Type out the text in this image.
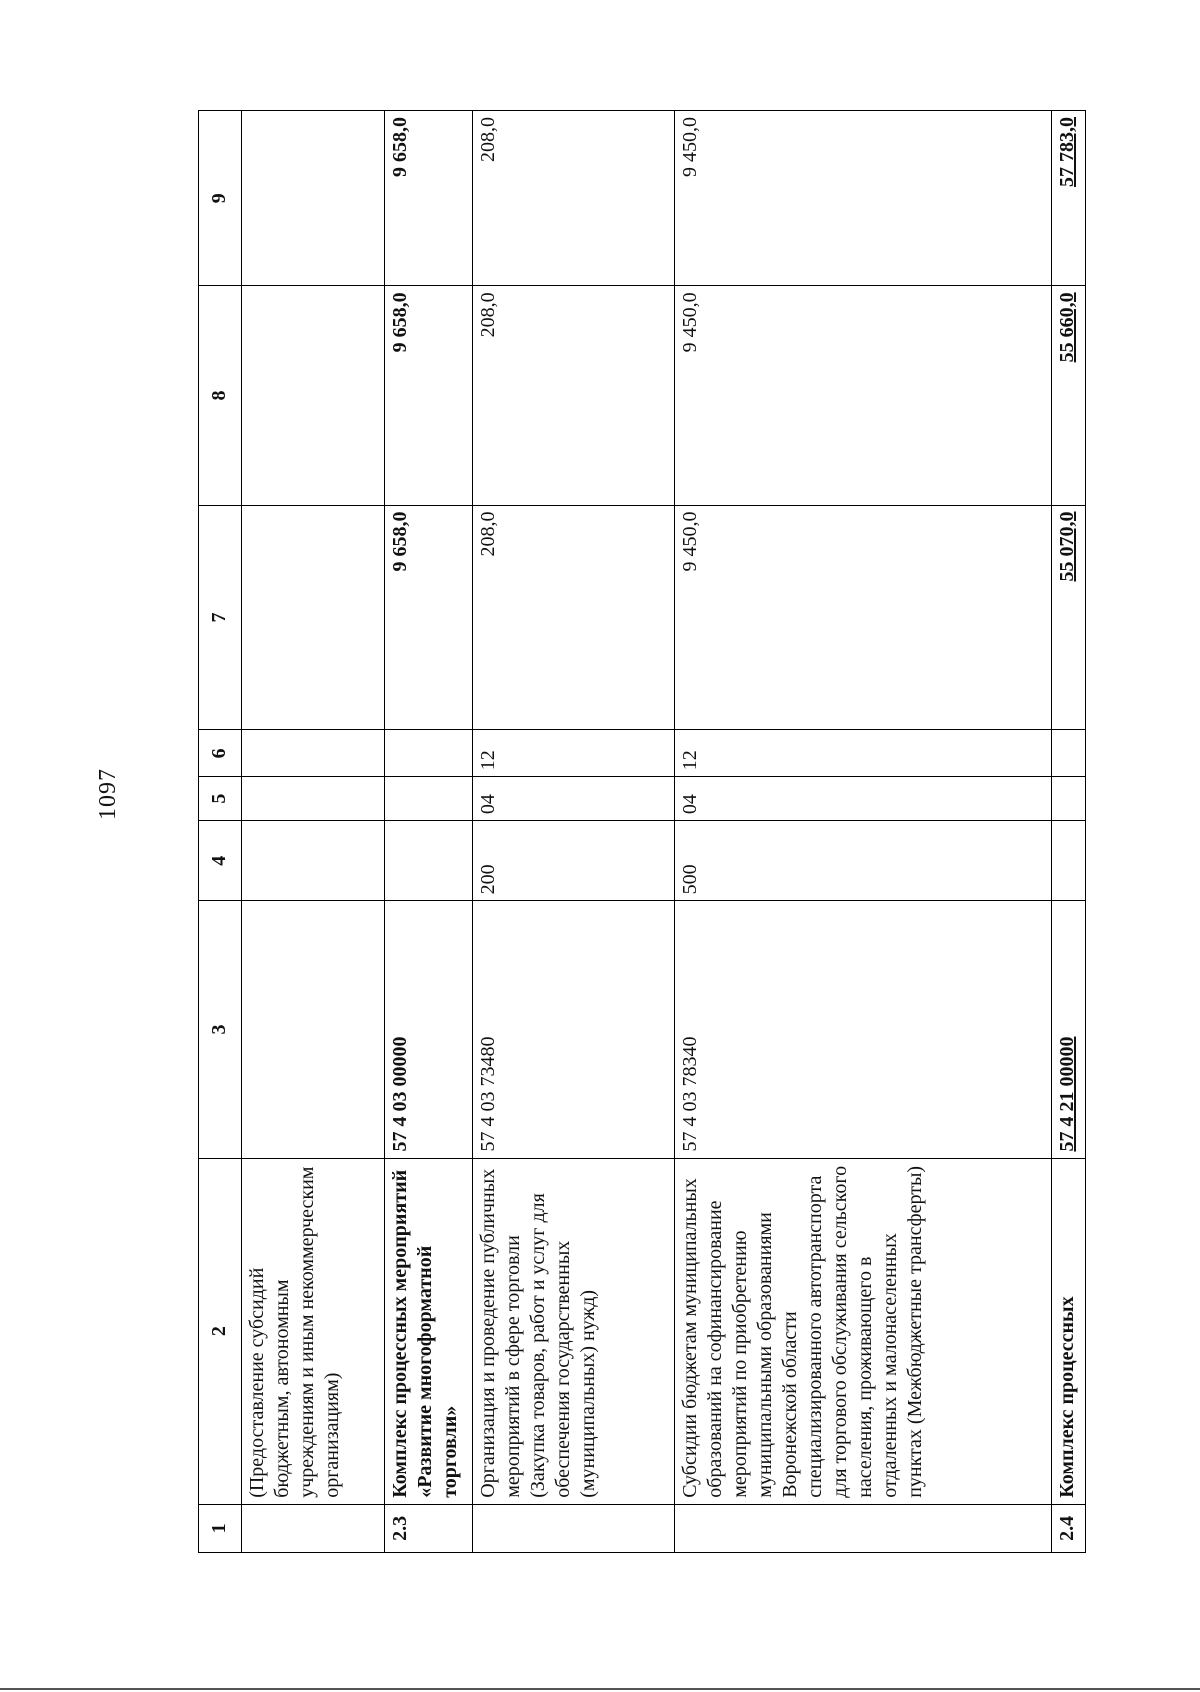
1097
1	2	3	4	5	6	7	8	9
	(Предоставление субсидий бюджетным, автономным учреждениям и иным некоммерческим организациям)							
2.3	Комплекс процессных мероприятий «Развитие многоформатной торговли»	57 4 03 00000				9 658,0	9 658,0	9 658,0
	Организация и проведение публичных мероприятий в сфере торговли (Закупка товаров, работ и услуг для обеспечения государственных (муниципальных) нужд)	57 4 03 73480	200	04	12	208,0	208,0	208,0
	Субсидии бюджетам муниципальных образований на софинансирование мероприятий по приобретению муниципальными образованиями Воронежской области специализированного автотранспорта для торгового обслуживания сельского населения, проживающего в отдаленных и малонаселенных пунктах (Межбюджетные трансферты)	57 4 03 78340	500	04	12	9 450,0	9 450,0	9 450,0
2.4	Комплекс процессных	57 4 21 00000				55 070,0	55 660,0	57 783,0
